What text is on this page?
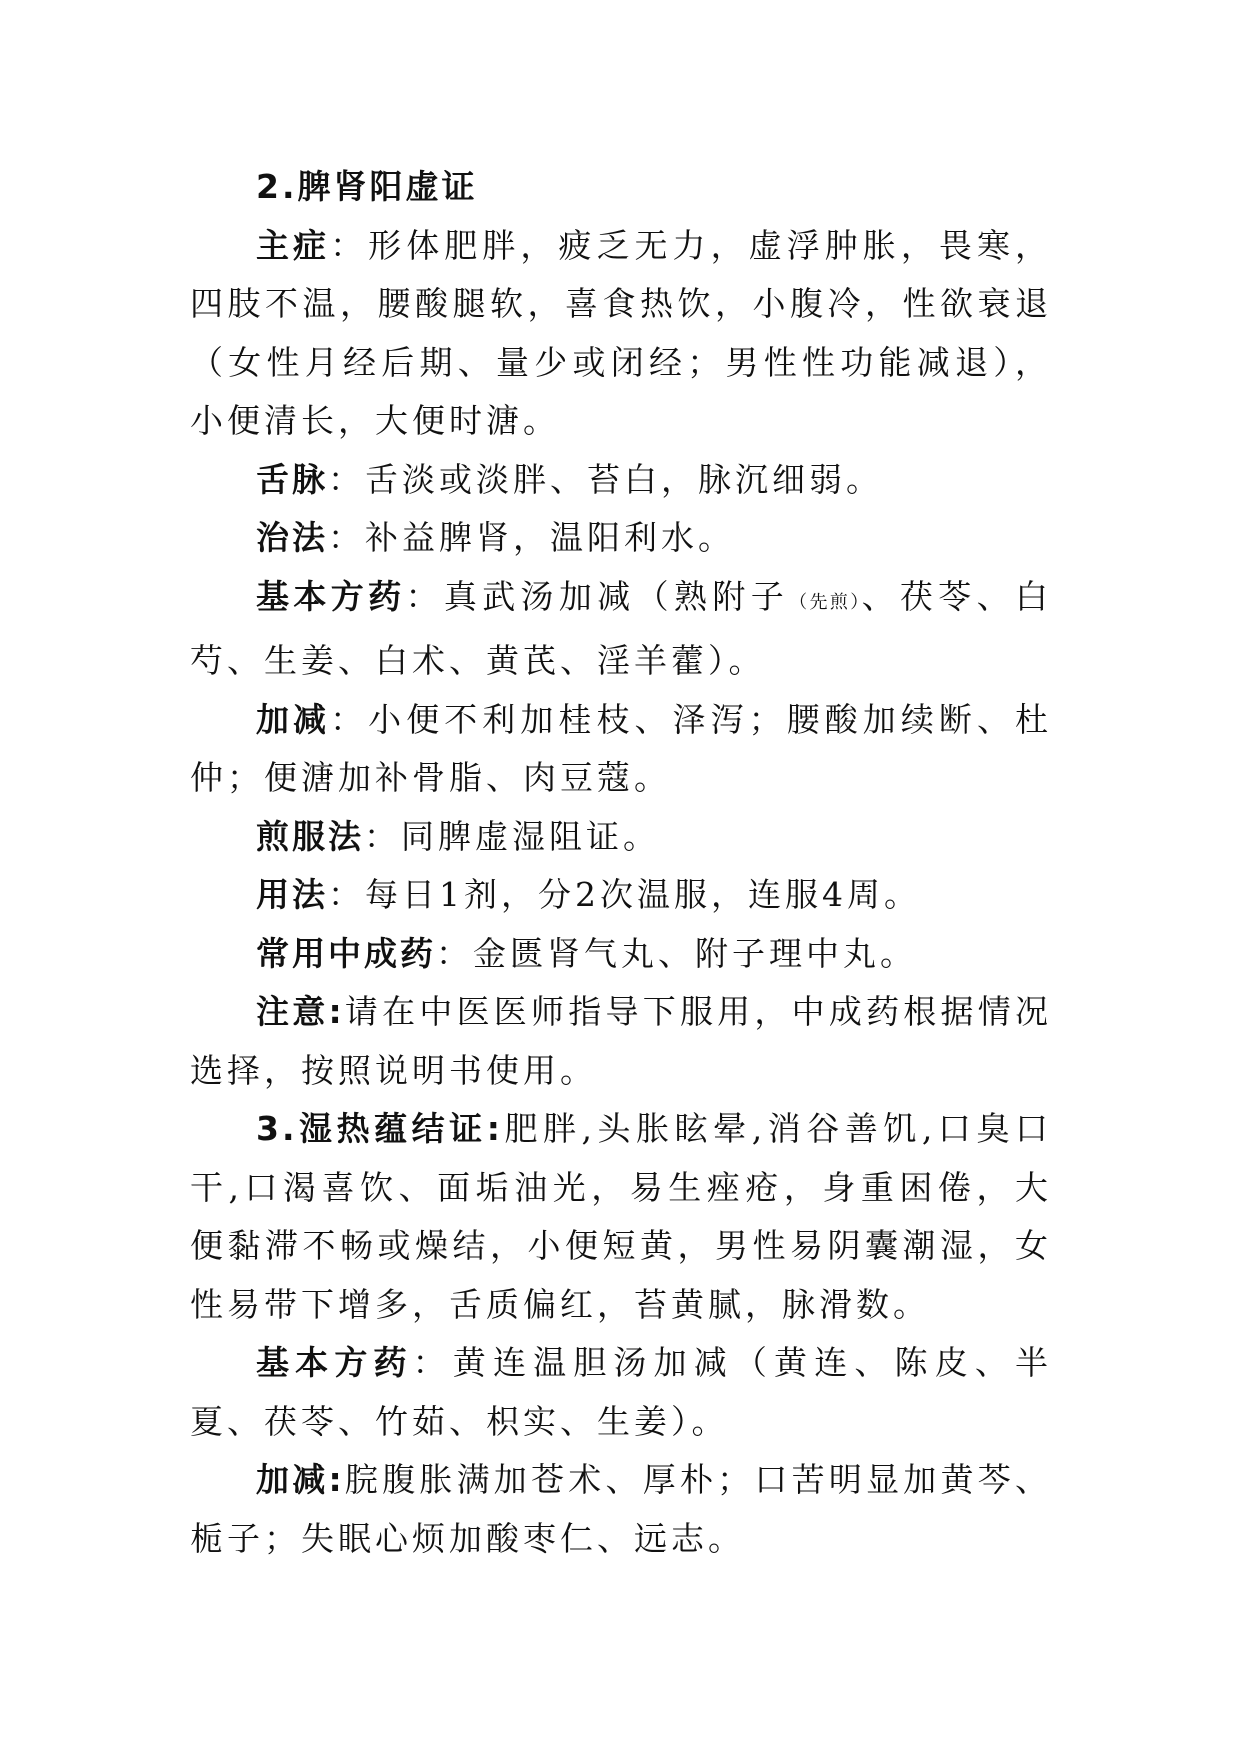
2.脾肾阳虚证

主症：形体肥胖，疲乏无力，虚浮肿胀，畏寒，四肢不温，腰酸腿软，喜食热饮，小腹冷，性欲衰退（女性月经后期、量少或闭经；男性性功能减退），小便清长，大便时溏。

舌脉：舌淡或淡胖、苔白，脉沉细弱。

治法：补益脾肾，温阳利水。

基本方药：真武汤加减（熟附子（先煎）、茯苓、白芍、生姜、白术、黄芪、淫羊藿）。

加减：小便不利加桂枝、泽泻；腰酸加续断、杜仲；便溏加补骨脂、肉豆蔻。

煎服法：同脾虚湿阻证。

用法：每日1剂，分2次温服，连服4周。

常用中成药：金匮肾气丸、附子理中丸。

注意:请在中医医师指导下服用，中成药根据情况选择，按照说明书使用。

3.湿热蕴结证:肥胖,头胀眩晕,消谷善饥,口臭口干,口渴喜饮、面垢油光，易生痤疮，身重困倦，大便黏滞不畅或燥结，小便短黄，男性易阴囊潮湿，女性易带下增多，舌质偏红，苔黄腻，脉滑数。

基本方药：黄连温胆汤加减（黄连、陈皮、半夏、茯苓、竹茹、枳实、生姜）。

加减:脘腹胀满加苍术、厚朴；口苦明显加黄芩、栀子；失眠心烦加酸枣仁、远志。
